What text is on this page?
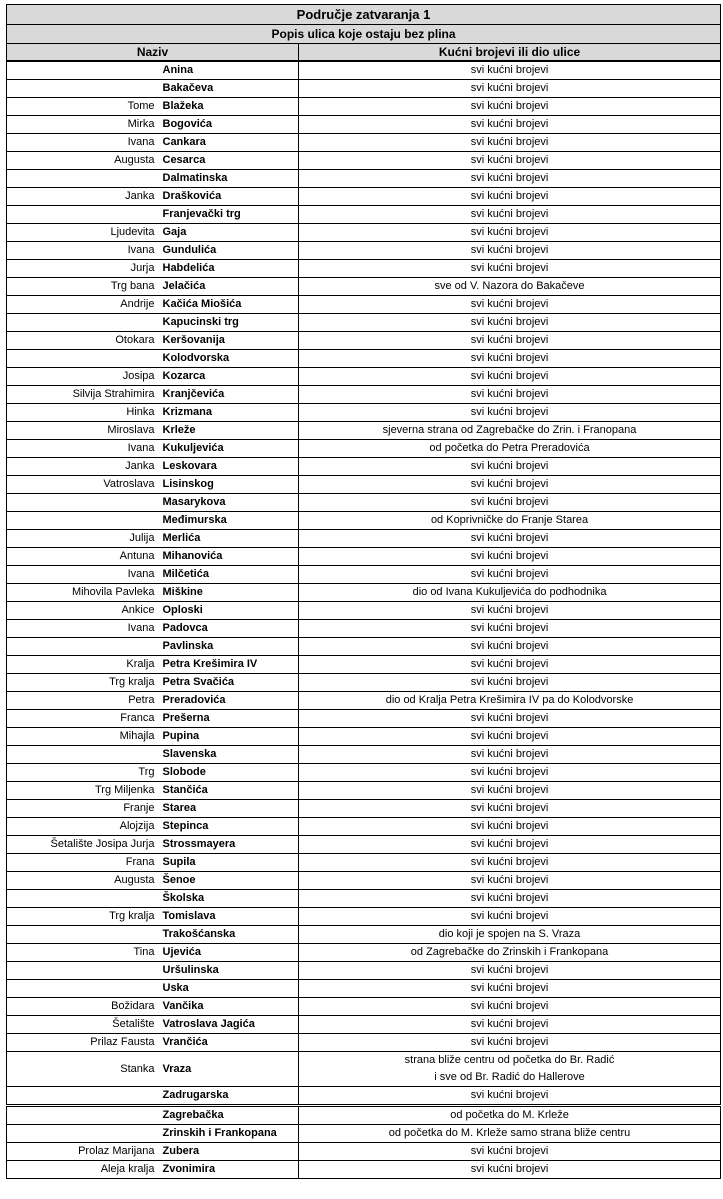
Područje zatvaranja 1		
Popis ulica koje ostaju bez plina		
Naziv		Kućni brojevi ili dio ulice
	Anina	svi kućni brojevi
	Bakačeva	svi kućni brojevi
Tome	Blažeka	svi kućni brojevi
Mirka	Bogovića	svi kućni brojevi
Ivana	Cankara	svi kućni brojevi
Augusta	Cesarca	svi kućni brojevi
	Dalmatinska	svi kućni brojevi
Janka	Draškovića	svi kućni brojevi
	Franjevački trg	svi kućni brojevi
Ljudevita	Gaja	svi kućni brojevi
Ivana	Gundulića	svi kućni brojevi
Jurja	Habdelića	svi kućni brojevi
Trg bana	Jelačića	sve od V. Nazora do Bakačeve
Andrije	Kačića Miošića	svi kućni brojevi
	Kapucinski trg	svi kućni brojevi
Otokara	Keršovanija	svi kućni brojevi
	Kolodvorska	svi kućni brojevi
Josipa	Kozarca	svi kućni brojevi
Silvija Strahimira	Kranjčevića	svi kućni brojevi
Hinka	Krizmana	svi kućni brojevi
Miroslava	Krleže	sjeverna strana od Zagrebačke do Zrin. i Franopana
Ivana	Kukuljevića	od početka do Petra Preradovića
Janka	Leskovara	svi kućni brojevi
Vatroslava	Lisinskog	svi kućni brojevi
	Masarykova	svi kućni brojevi
	Međimurska	od Koprivničke do Franje Starea
Julija	Merlića	svi kućni brojevi
Antuna	Mihanovića	svi kućni brojevi
Ivana	Milčetića	svi kućni brojevi
Mihovila Pavleka	Miškine	dio od Ivana Kukuljevića do podhodnika
Ankice	Oploski	svi kućni brojevi
Ivana	Padovca	svi kućni brojevi
	Pavlinska	svi kućni brojevi
Kralja	Petra Krešimira IV	svi kućni brojevi
Trg kralja	Petra Svačića	svi kućni brojevi
Petra	Preradovića	dio od Kralja Petra Krešimira IV pa do Kolodvorske
Franca	Prešerna	svi kućni brojevi
Mihajla	Pupina	svi kućni brojevi
	Slavenska	svi kućni brojevi
Trg	Slobode	svi kućni brojevi
Trg Miljenka	Stančića	svi kućni brojevi
Franje	Starea	svi kućni brojevi
Alojzija	Stepinca	svi kućni brojevi
Šetalište Josipa Jurja	Strossmayera	svi kućni brojevi
Frana	Supila	svi kućni brojevi
Augusta	Šenoe	svi kućni brojevi
	Školska	svi kućni brojevi
Trg kralja	Tomislava	svi kućni brojevi
	Trakošćanska	dio koji je spojen na S. Vraza
Tina	Ujevića	od Zagrebačke do Zrinskih i Frankopana
	Uršulinska	svi kućni brojevi
	Uska	svi kućni brojevi
Božidara	Vančika	svi kućni brojevi
Šetalište	Vatroslava Jagića	svi kućni brojevi
Prilaz Fausta	Vrančića	svi kućni brojevi
Stanka	Vraza	strana bliže centru od početka do Br. Radić
i sve od Br. Radić do Hallerove

	Zadrugarska	svi kućni brojevi
	Zagrebačka	od početka do M. Krleže
	Zrinskih i Frankopana	od početka do M. Krleže samo strana bliže centru
Prolaz Marijana	Zubera	svi kućni brojevi
Aleja kralja	Zvonimira	svi kućni brojevi
